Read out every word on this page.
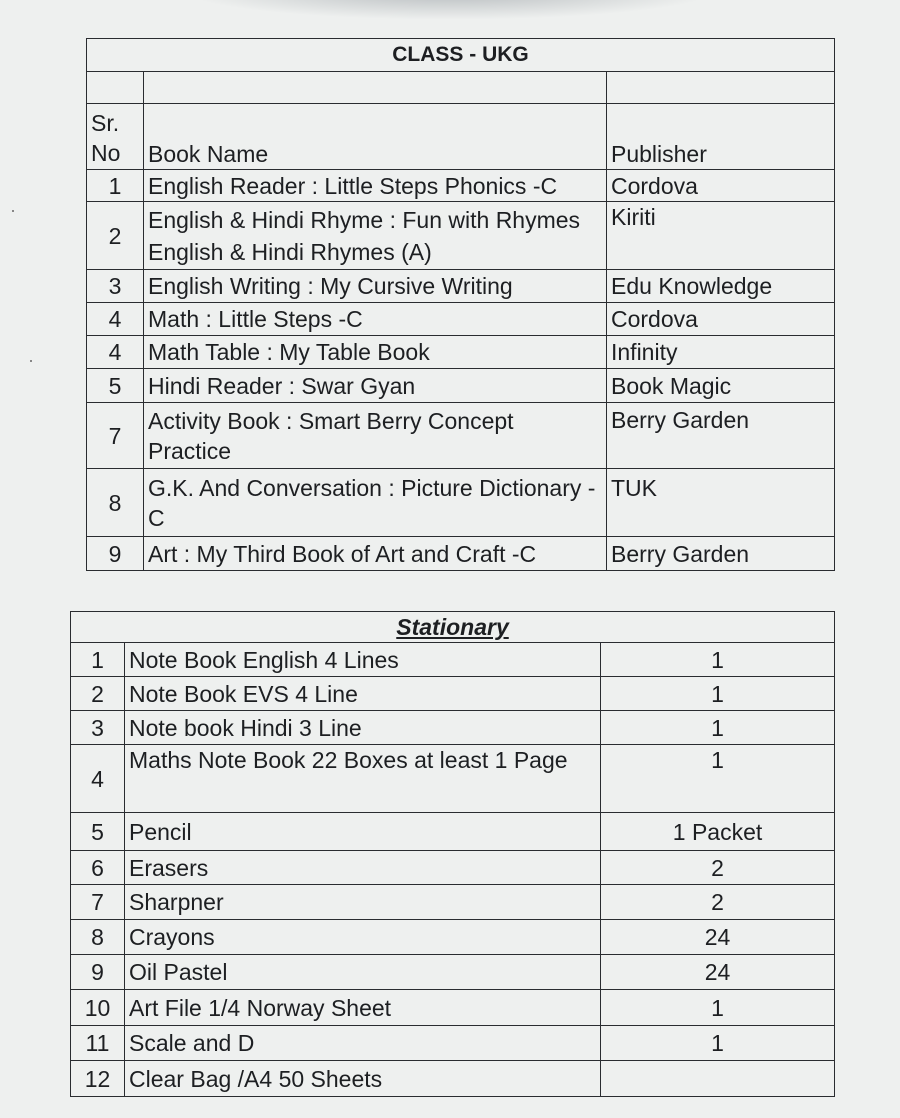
CLASS - UKG		

Sr. No	Book Name	Publisher
1	English Reader : Little Steps Phonics -C	Cordova
2	English & Hindi Rhyme : Fun with Rhymes English & Hindi Rhymes (A)	Kiriti
3	English Writing : My Cursive Writing	Edu Knowledge
4	Math : Little Steps -C	Cordova
4	Math Table : My Table Book	Infinity
5	Hindi Reader : Swar Gyan	Book Magic
7	Activity Book : Smart Berry Concept Practice	Berry Garden
8	G.K. And Conversation : Picture Dictionary -C	TUK
9	Art : My Third Book of Art and Craft -C	Berry Garden
Stationary		
1	Note Book English 4 Lines	1
2	Note Book EVS 4 Line	1
3	Note book Hindi 3 Line	1
4	Maths Note Book 22 Boxes at least 1 Page	1
5	Pencil	1 Packet
6	Erasers	2
7	Sharpner	2
8	Crayons	24
9	Oil Pastel	24
10	Art File 1/4 Norway Sheet	1
11	Scale and D	1
12	Clear Bag /A4 50 Sheets	
